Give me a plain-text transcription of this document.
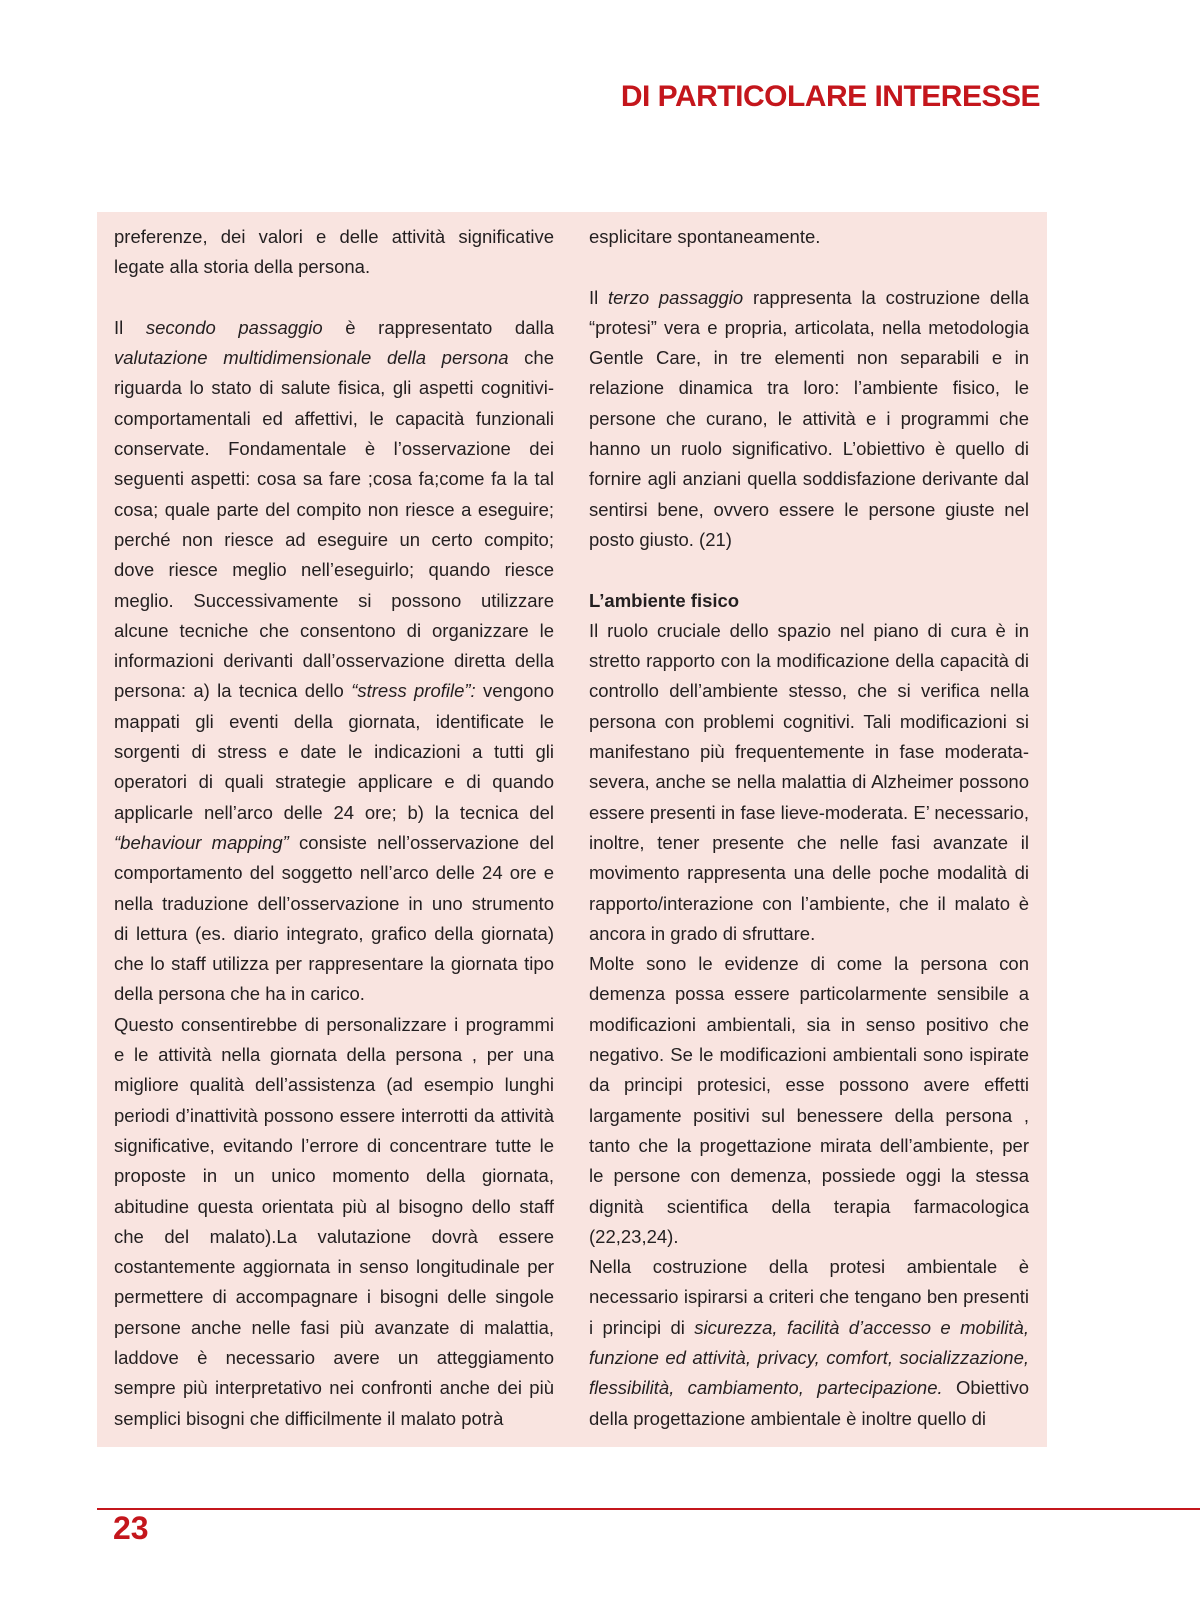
DI PARTICOLARE INTERESSE

preferenze, dei valori e delle attività significative legate alla storia della persona.

Il secondo passaggio è rappresentato dalla valutazione multidimensionale della persona che riguarda lo stato di salute fisica, gli aspetti cognitivi-comportamentali ed affettivi, le capacità funzionali conservate. Fondamentale è l’osservazione dei seguenti aspetti: cosa sa fare ;cosa fa;come fa la tal cosa; quale parte del compito non riesce a eseguire; perché non riesce ad eseguire un certo compito; dove riesce meglio nell’eseguirlo; quando riesce meglio. Successivamente si possono utilizzare alcune tecniche che consentono di organizzare le informazioni derivanti dall’osservazione diretta della persona: a) la tecnica dello “stress profile”: vengono mappati gli eventi della giornata, identificate le sorgenti di stress e date le indicazioni a tutti gli operatori di quali strategie applicare e di quando applicarle nell’arco delle 24 ore; b) la tecnica del “behaviour mapping” consiste nell’osservazione del comportamento del soggetto nell’arco delle 24 ore e nella traduzione dell’osservazione in uno strumento di lettura (es. diario integrato, grafico della giornata) che lo staff utilizza per rappresentare la giornata tipo della persona che ha in carico.

Questo consentirebbe di personalizzare i programmi e le attività nella giornata della persona , per una migliore qualità dell’assistenza (ad esempio lunghi periodi d’inattività possono essere interrotti da attività significative, evitando l’errore di concentrare tutte le proposte in un unico momento della giornata, abitudine questa orientata più al bisogno dello staff che del malato).La valutazione dovrà essere costantemente aggiornata in senso longitudinale per permettere di accompagnare i bisogni delle singole persone anche nelle fasi più avanzate di malattia, laddove è necessario avere un atteggiamento sempre più interpretativo nei confronti anche dei più semplici bisogni che difficilmente il malato potrà

esplicitare spontaneamente.

Il terzo passaggio rappresenta la costruzione della “protesi” vera e propria, articolata, nella metodologia Gentle Care, in tre elementi non separabili e in relazione dinamica tra loro: l’ambiente fisico, le persone che curano, le attività e i programmi che hanno un ruolo significativo. L’obiettivo è quello di fornire agli anziani quella soddisfazione derivante dal sentirsi bene, ovvero essere le persone giuste nel posto giusto. (21)

L’ambiente fisico

Il ruolo cruciale dello spazio nel piano di cura è in stretto rapporto con la modificazione della capacità di controllo dell’ambiente stesso, che si verifica nella persona con problemi cognitivi. Tali modificazioni si manifestano più frequentemente in fase moderata-severa, anche se nella malattia di Alzheimer possono essere presenti in fase lieve-moderata. E’ necessario, inoltre, tener presente che nelle fasi avanzate il movimento rappresenta una delle poche modalità di rapporto/interazione con l’ambiente, che il malato è ancora in grado di sfruttare.

Molte sono le evidenze di come la persona con demenza possa essere particolarmente sensibile a modificazioni ambientali, sia in senso positivo che negativo. Se le modificazioni ambientali sono ispirate da principi protesici, esse possono avere effetti largamente positivi sul benessere della persona , tanto che la progettazione mirata dell’ambiente, per le persone con demenza, possiede oggi la stessa dignità scientifica della terapia farmacologica (22,23,24).

Nella costruzione della protesi ambientale è necessario ispirarsi a criteri che tengano ben presenti i principi di sicurezza, facilità d’accesso e mobilità, funzione ed attività, privacy, comfort, socializzazione, flessibilità, cambiamento, partecipazione. Obiettivo della progettazione ambientale è inoltre quello di

23
